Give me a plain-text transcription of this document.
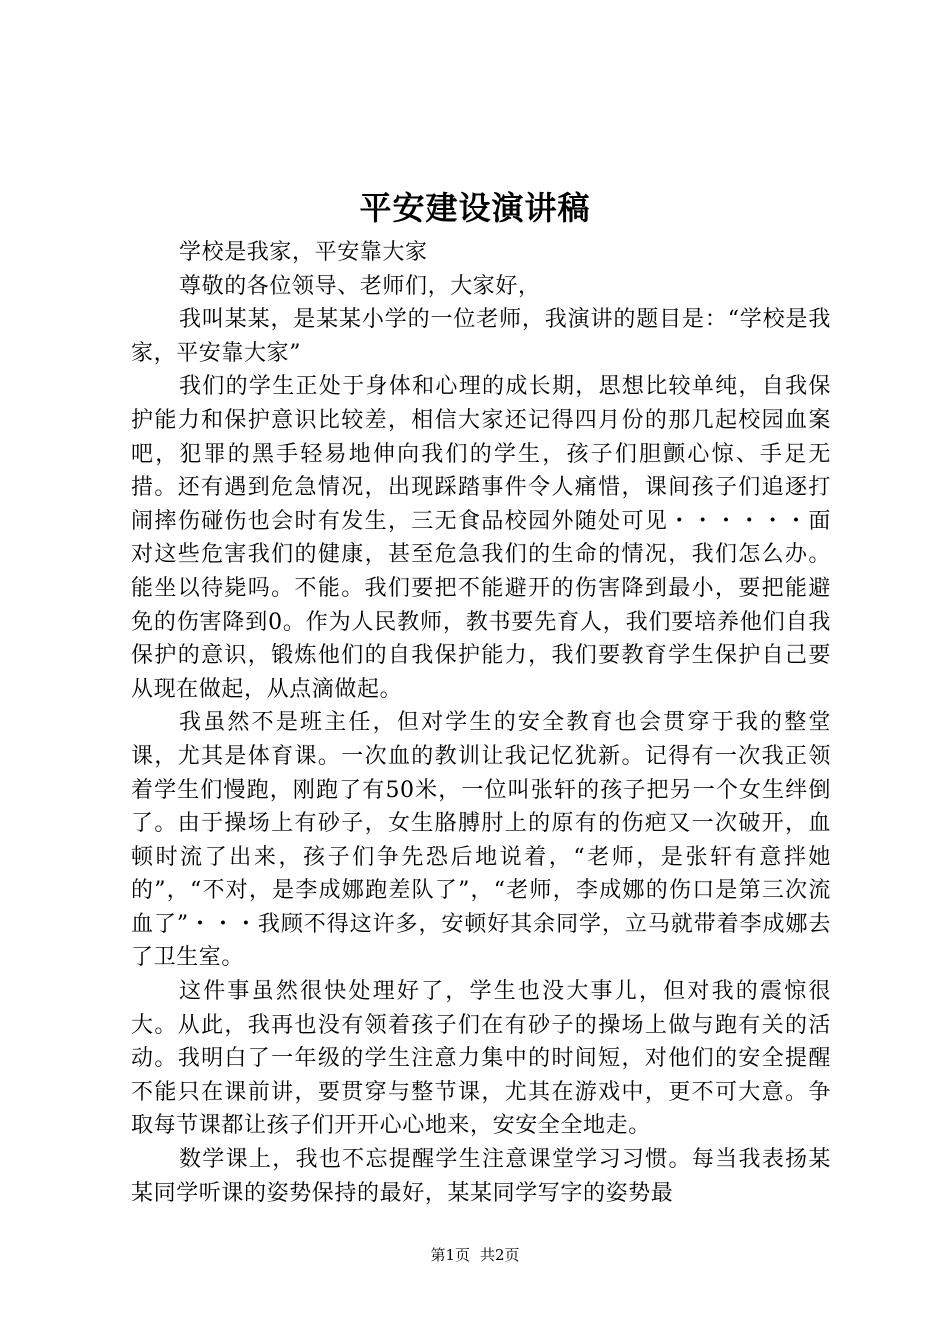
平安建设演讲稿

学校是我家，平安靠大家

尊敬的各位领导、老师们，大家好，

我叫某某，是某某小学的一位老师，我演讲的题目是：“学校是我家，平安靠大家”

我们的学生正处于身体和心理的成长期，思想比较单纯，自我保护能力和保护意识比较差，相信大家还记得四月份的那几起校园血案吧，犯罪的黑手轻易地伸向我们的学生，孩子们胆颤心惊、手足无措。还有遇到危急情况，出现踩踏事件令人痛惜，课间孩子们追逐打闹摔伤碰伤也会时有发生，三无食品校园外随处可见・・・・・・面对这些危害我们的健康，甚至危急我们的生命的情况，我们怎么办。能坐以待毙吗。不能。我们要把不能避开的伤害降到最小，要把能避免的伤害降到0。作为人民教师，教书要先育人，我们要培养他们自我保护的意识，锻炼他们的自我保护能力，我们要教育学生保护自己要从现在做起，从点滴做起。

我虽然不是班主任，但对学生的安全教育也会贯穿于我的整堂课，尤其是体育课。一次血的教训让我记忆犹新。记得有一次我正领着学生们慢跑，刚跑了有50米，一位叫张轩的孩子把另一个女生绊倒了。由于操场上有砂子，女生胳膊肘上的原有的伤疤又一次破开，血顿时流了出来，孩子们争先恐后地说着，“老师，是张轩有意拌她的”，“不对，是李成娜跑差队了”，“老师，李成娜的伤口是第三次流血了”・・・我顾不得这许多，安顿好其余同学，立马就带着李成娜去了卫生室。

这件事虽然很快处理好了，学生也没大事儿，但对我的震惊很大。从此，我再也没有领着孩子们在有砂子的操场上做与跑有关的活动。我明白了一年级的学生注意力集中的时间短，对他们的安全提醒不能只在课前讲，要贯穿与整节课，尤其在游戏中，更不可大意。争取每节课都让孩子们开开心心地来，安安全全地走。

数学课上，我也不忘提醒学生注意课堂学习习惯。每当我表扬某某同学听课的姿势保持的最好，某某同学写字的姿势最

第1页 共2页
